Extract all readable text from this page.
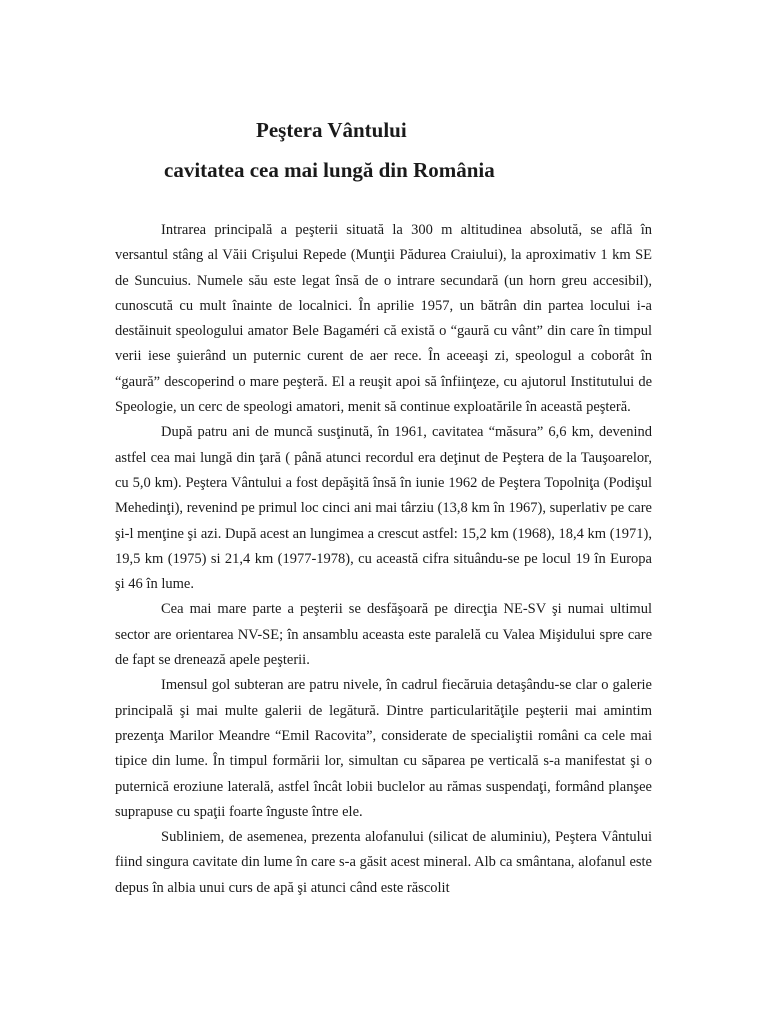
Peştera Vântului
cavitatea cea mai lungă din România

Intrarea principală a peşterii situată la 300 m altitudinea absolută, se află în versantul stâng al Văii Crişului Repede (Munţii Pădurea Craiului), la aproximativ 1 km SE de Suncuius. Numele său este legat însă de o intrare secundară (un horn greu accesibil), cunoscută cu mult înainte de localnici. În aprilie 1957, un bătrân din partea locului i-a destăinuit speologului amator Bele Bagaméri că există o “gaură cu vânt” din care în timpul verii iese şuierând un puternic curent de aer rece. În aceeaşi zi, speologul a coborât în “gaură” descoperind o mare peşteră. El a reuşit apoi să înfiinţeze, cu ajutorul Institutului de Speologie, un cerc de speologi amatori, menit să continue exploatările în această peşteră.

După patru ani de muncă susţinută, în 1961, cavitatea “măsura” 6,6 km, devenind astfel cea mai lungă din ţară ( până atunci recordul era deţinut de Peştera de la Tauşoarelor, cu 5,0 km). Peştera Vântului a fost depăşită însă în iunie 1962 de Peştera Topolniţa (Podişul Mehedinţi), revenind pe primul loc cinci ani mai târziu (13,8 km în 1967), superlativ pe care şi-l menţine şi azi. După acest an lungimea a crescut astfel: 15,2 km (1968), 18,4 km (1971), 19,5 km (1975) si 21,4 km (1977-1978), cu această cifra situându-se pe locul 19 în Europa şi 46 în lume.

Cea mai mare parte a peşterii se desfăşoară pe direcţia NE-SV şi numai ultimul sector are orientarea NV-SE; în ansamblu aceasta este paralelă cu Valea Mişidului spre care de fapt se drenează apele peşterii.

Imensul gol subteran are patru nivele, în cadrul fiecăruia detaşându-se clar o galerie principală şi mai multe galerii de legătură. Dintre particularităţile peşterii mai amintim prezenţa Marilor Meandre “Emil Racovita”, considerate de specialiştii români ca cele mai tipice din lume. În timpul formării lor, simultan cu săparea pe verticală s-a manifestat şi o puternică eroziune laterală, astfel încât lobii buclelor au rămas suspendaţi, formând planşee suprapuse cu spaţii foarte înguste între ele.

Subliniem, de asemenea, prezenta alofanului (silicat de aluminiu), Peştera Vântului fiind singura cavitate din lume în care s-a găsit acest mineral. Alb ca smântana, alofanul este depus în albia unui curs de apă şi atunci când este răscolit
